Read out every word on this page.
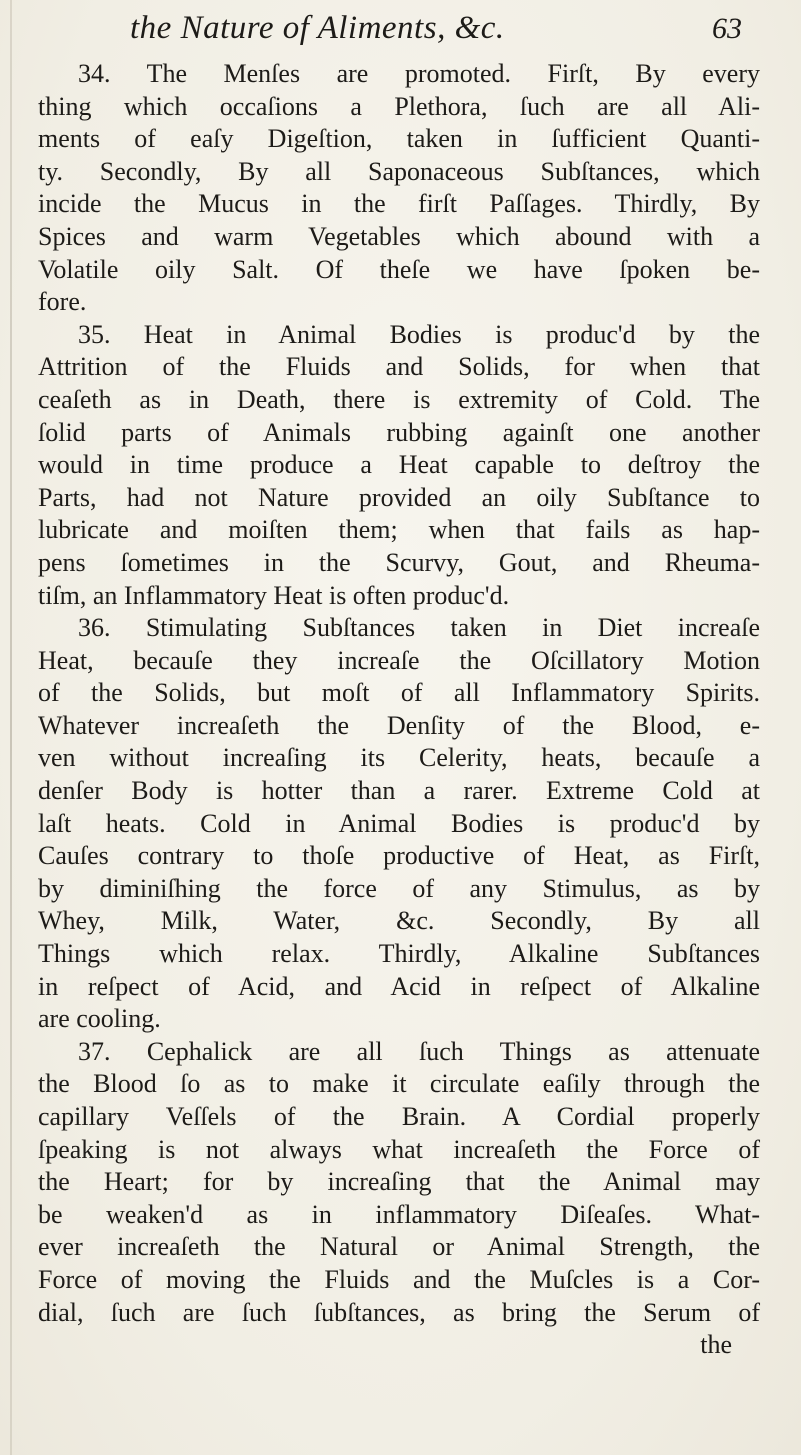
the Nature of Aliments, &c.	63
34. The Menſes are promoted. Firſt, By every
thing which occaſions a Plethora, ſuch are all Ali-
ments of eaſy Digeſtion, taken in ſufficient Quanti-
ty. Secondly, By all Saponaceous Subſtances, which
incide the Mucus in the firſt Paſſages. Thirdly, By
Spices and warm Vegetables which abound with a
Volatile oily Salt. Of theſe we have ſpoken be-
fore.
35. Heat in Animal Bodies is produc'd by the
Attrition of the Fluids and Solids, for when that
ceaſeth as in Death, there is extremity of Cold. The
ſolid parts of Animals rubbing againſt one another
would in time produce a Heat capable to deſtroy the
Parts, had not Nature provided an oily Subſtance to
lubricate and moiſten them; when that fails as hap-
pens ſometimes in the Scurvy, Gout, and Rheuma-
tiſm, an Inflammatory Heat is often produc'd.
36. Stimulating Subſtances taken in Diet increaſe
Heat, becauſe they increaſe the Oſcillatory Motion
of the Solids, but moſt of all Inflammatory Spirits.
Whatever increaſeth the Denſity of the Blood, e-
ven without increaſing its Celerity, heats, becauſe a
denſer Body is hotter than a rarer. Extreme Cold at
laſt heats. Cold in Animal Bodies is produc'd by
Cauſes contrary to thoſe productive of Heat, as Firſt,
by diminiſhing the force of any Stimulus, as by
Whey, Milk, Water, &c. Secondly, By all
Things which relax. Thirdly, Alkaline Subſtances
in reſpect of Acid, and Acid in reſpect of Alkaline
are cooling.
37. Cephalick are all ſuch Things as attenuate
the Blood ſo as to make it circulate eaſily through the
capillary Veſſels of the Brain. A Cordial properly
ſpeaking is not always what increaſeth the Force of
the Heart; for by increaſing that the Animal may
be weaken'd as in inflammatory Diſeaſes. What-
ever increaſeth the Natural or Animal Strength, the
Force of moving the Fluids and the Muſcles is a Cor-
dial, ſuch are ſuch ſubſtances, as bring the Serum of
the
